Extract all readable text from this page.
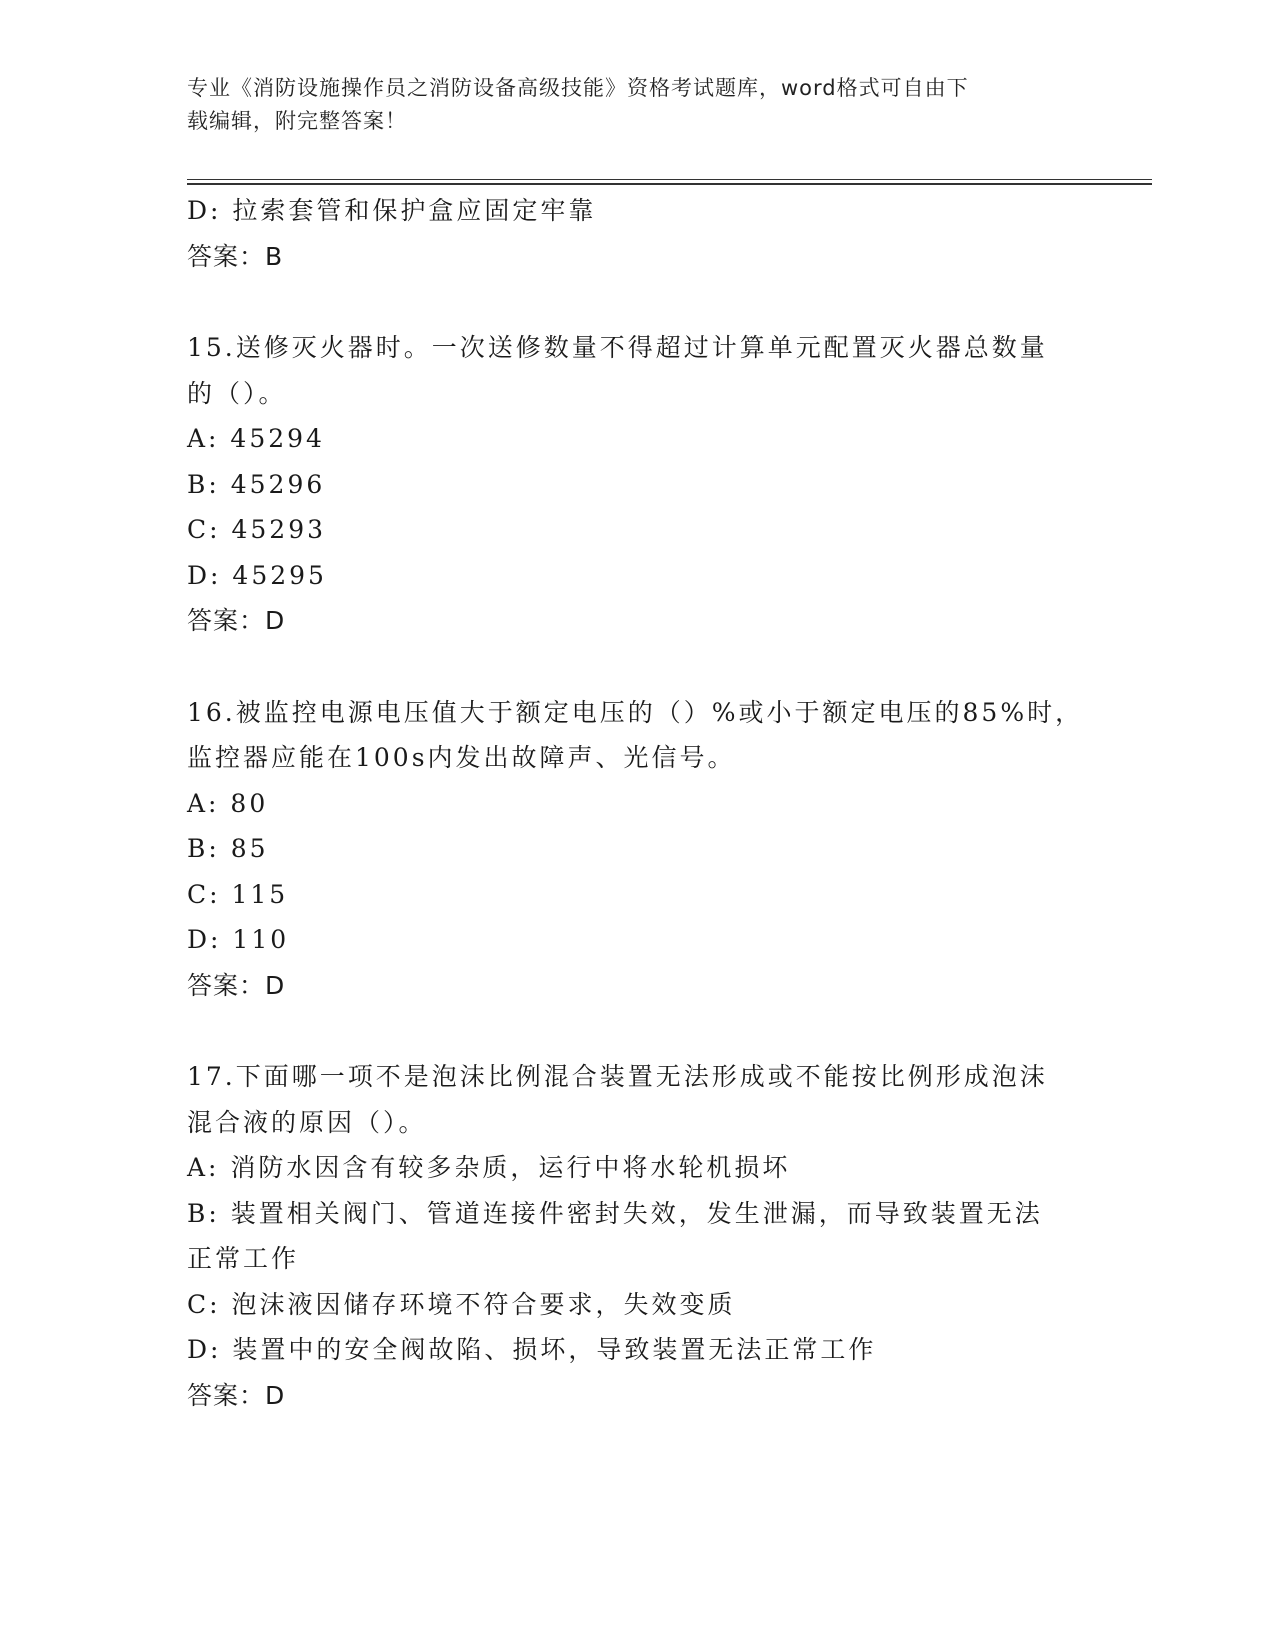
专业《消防设施操作员之消防设备高级技能》资格考试题库，word格式可自由下
载编辑，附完整答案！
D: 拉索套管和保护盒应固定牢靠
答案：B
15.送修灭火器时。一次送修数量不得超过计算单元配置灭火器总数量
的（）。
A: 45294
B: 45296
C: 45293
D: 45295
答案：D
16.被监控电源电压值大于额定电压的（）%或小于额定电压的85%时，
监控器应能在100s内发出故障声、光信号。
A: 80
B: 85
C: 115
D: 110
答案：D
17.下面哪一项不是泡沫比例混合装置无法形成或不能按比例形成泡沫
混合液的原因（）。
A: 消防水因含有较多杂质，运行中将水轮机损坏
B: 装置相关阀门、管道连接件密封失效，发生泄漏，而导致装置无法
正常工作
C: 泡沫液因储存环境不符合要求，失效变质
D: 装置中的安全阀故陷、损坏，导致装置无法正常工作
答案：D
